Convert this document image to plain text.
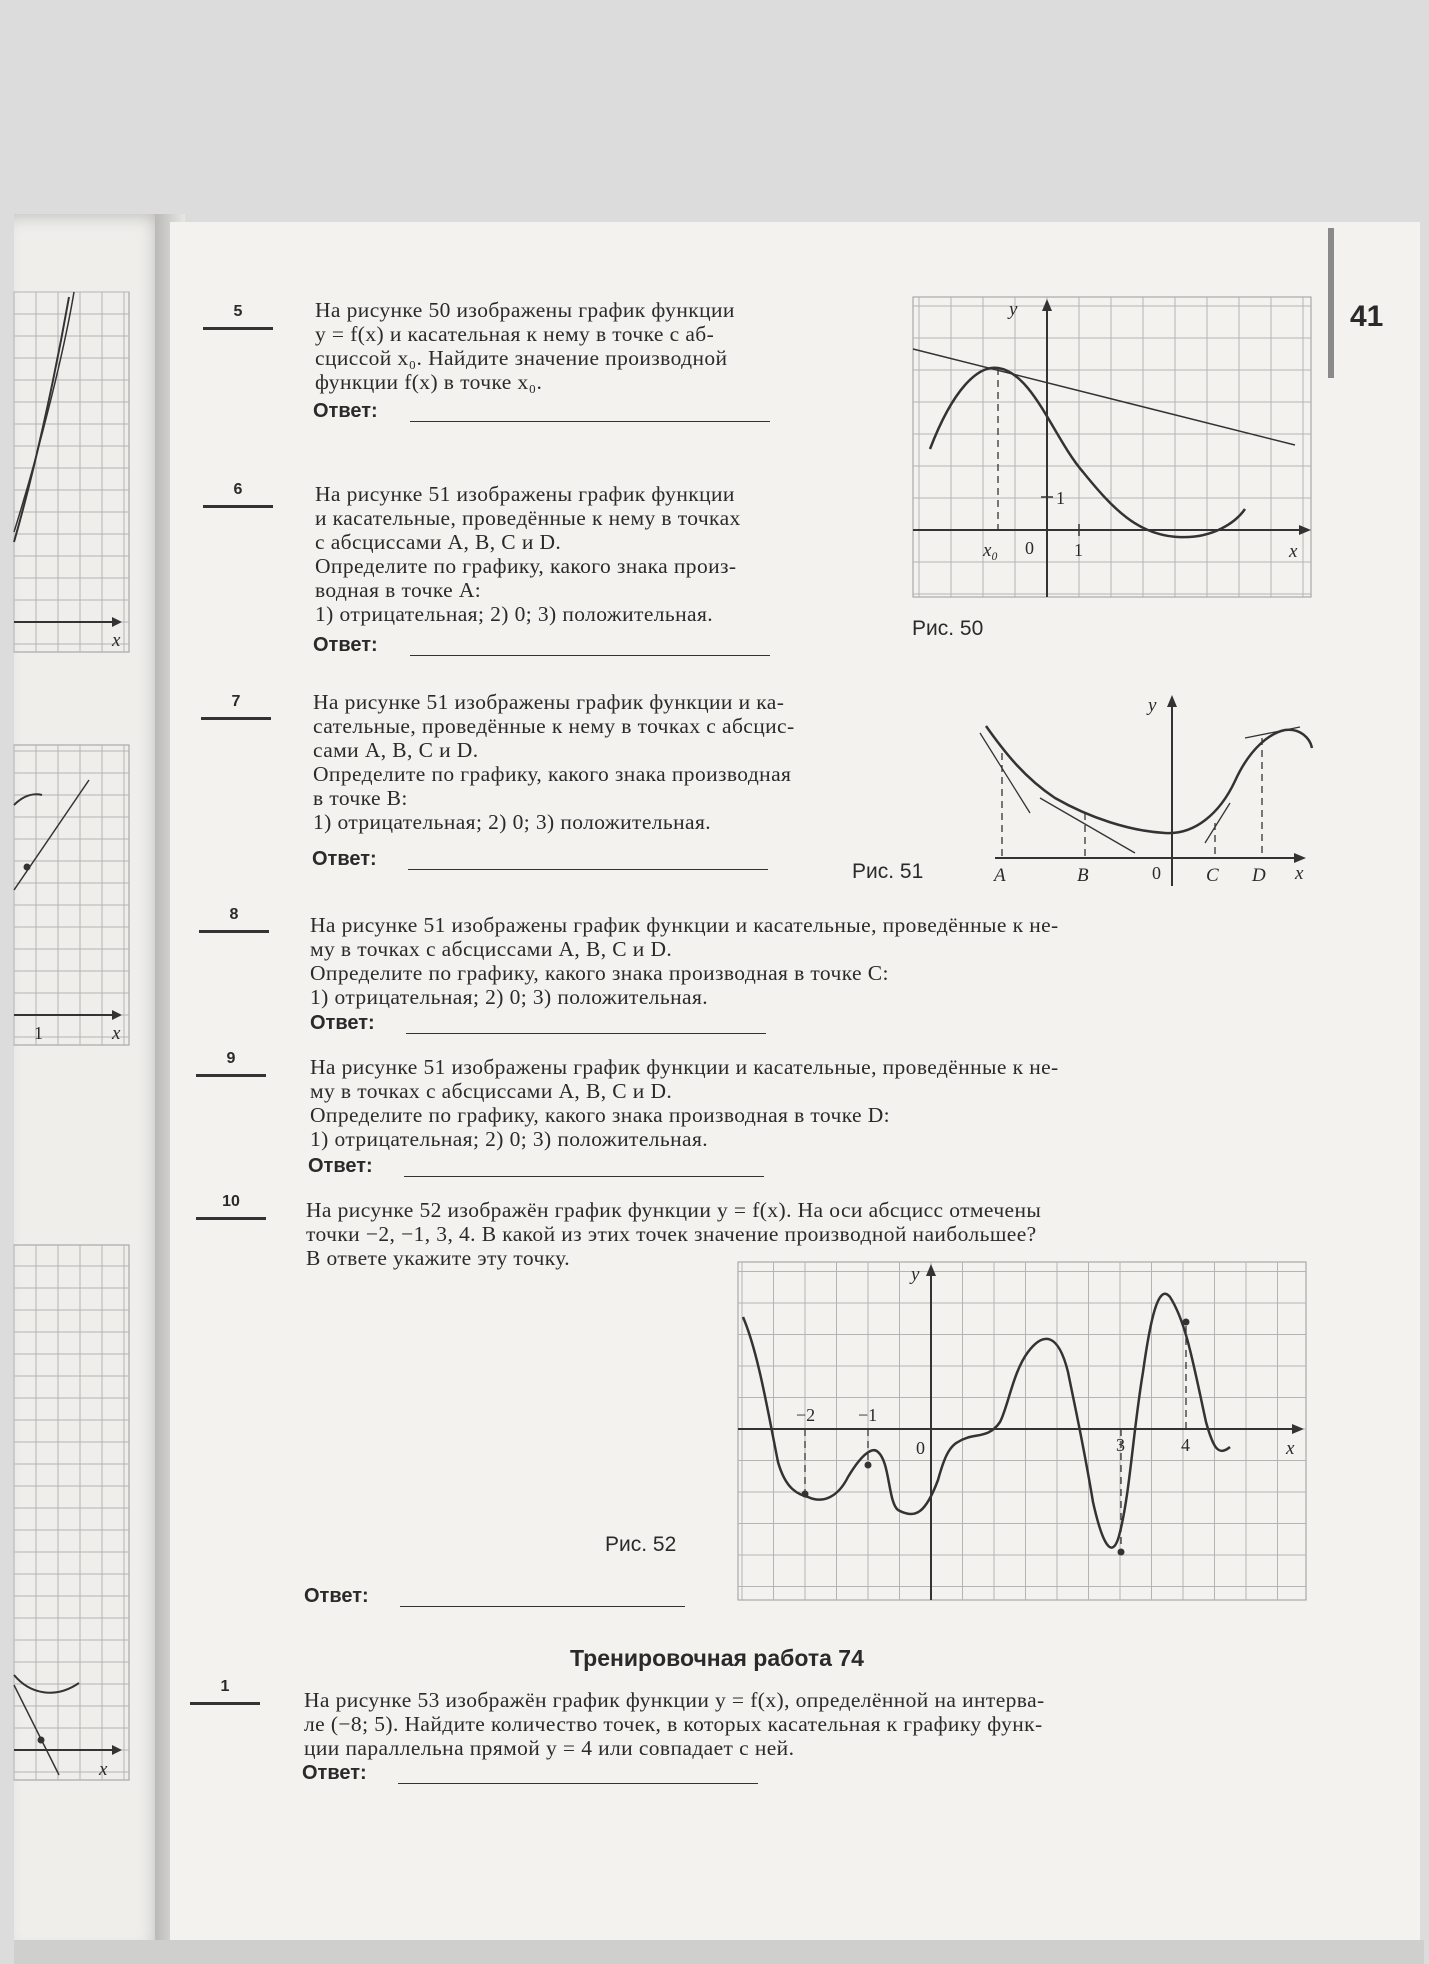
x
1	x
x
41
5	На рисунке 50 изображены график функции
y = f(x) и касательная к нему в точке с аб-
сциссой x₀. Найдите значение производной
функции f(x) в точке x₀.
Ответ:
6	На рисунке 51 изображены график функции
и касательные, проведённые к нему в точках
с абсциссами A, B, C и D.
Определите по графику, какого знака произ-
водная в точке A:
1) отрицательная; 2) 0; 3) положительная.
Ответ:
7	На рисунке 51 изображены график функции и ка-
сательные, проведённые к нему в точках с абсцис-
сами A, B, C и D.
Определите по графику, какого знака производная
в точке B:
1) отрицательная; 2) 0; 3) положительная.
Ответ:
8	На рисунке 51 изображены график функции и касательные, проведённые к не-
му в точках с абсциссами A, B, C и D.
Определите по графику, какого знака производная в точке C:
1) отрицательная; 2) 0; 3) положительная.
Ответ:
9	На рисунке 51 изображены график функции и касательные, проведённые к не-
му в точках с абсциссами A, B, C и D.
Определите по графику, какого знака производная в точке D:
1) отрицательная; 2) 0; 3) положительная.
Ответ:
10	На рисунке 52 изображён график функции y = f(x). На оси абсцисс отмечены
точки −2, −1, 3, 4. В какой из этих точек значение производной наибольшее?
В ответе укажите эту точку.
Ответ:
Тренировочная работа 74
1
На рисунке 53 изображён график функции y = f(x), определённой на интерва-
ле (−8; 5). Найдите количество точек, в которых касательная к графику функ-
ции параллельна прямой y = 4 или совпадает с ней.
Ответ:
y
x
x₀ 0 1
1
Рис. 50
y
x
0
A	B	C D
Рис. 51
y
x
0
−2 −1
3	4
Рис. 52
